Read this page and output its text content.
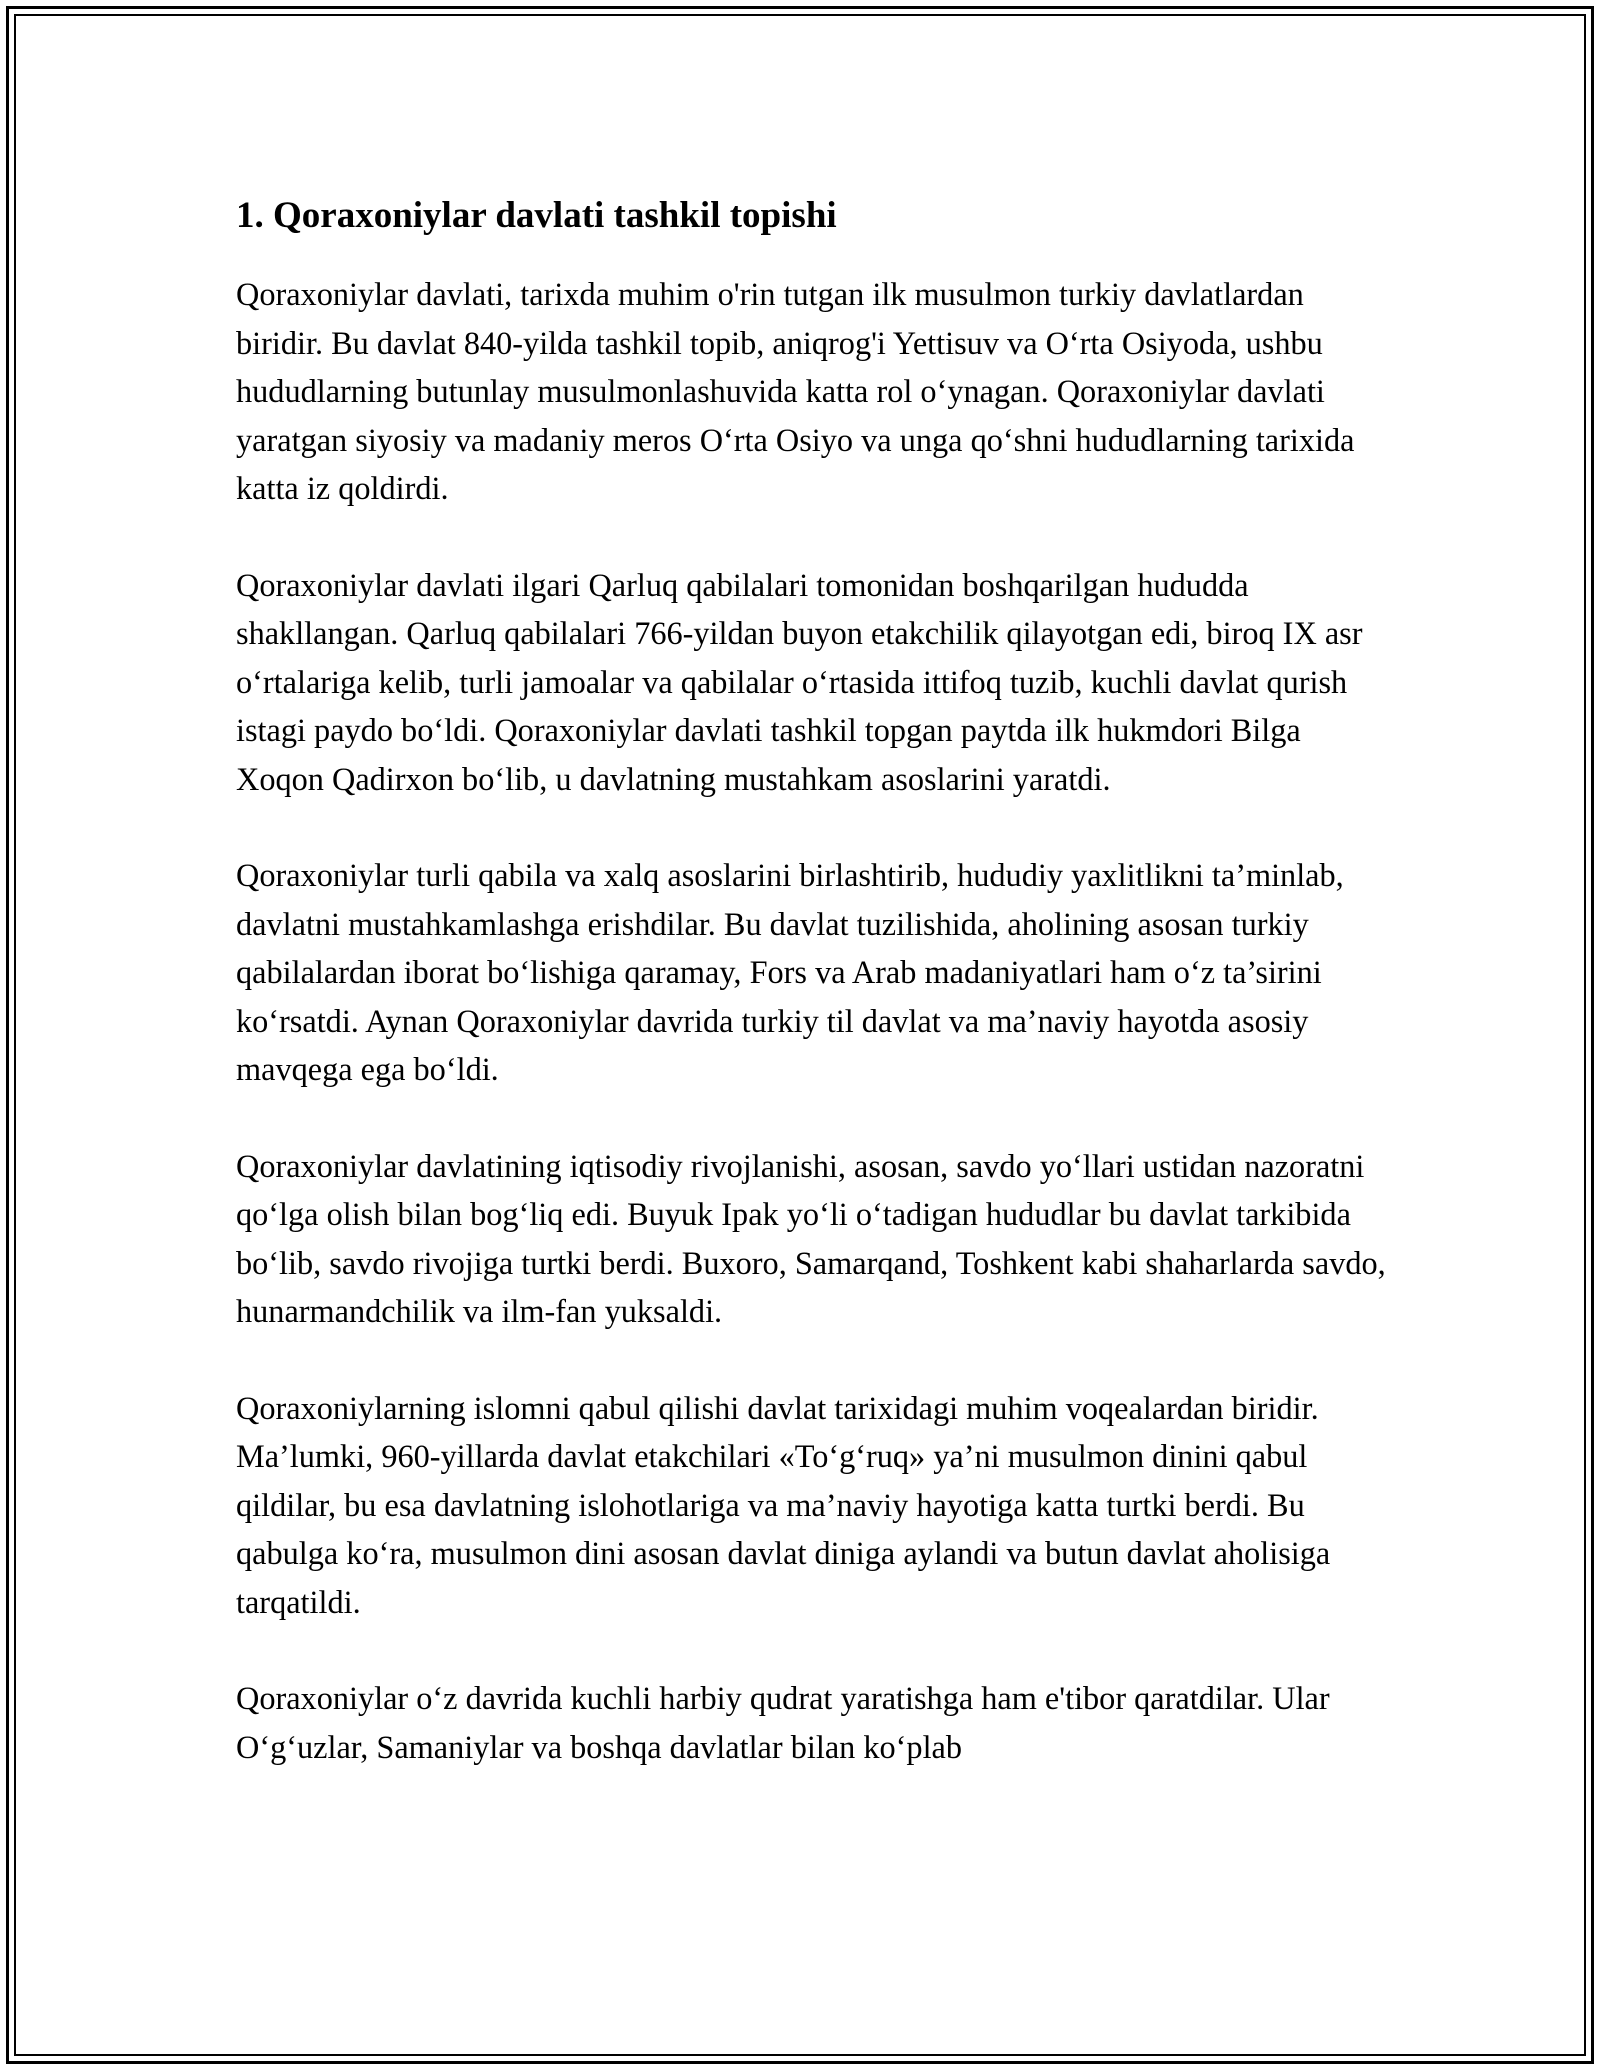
1. Qoraxoniylar davlati tashkil topishi

Qoraxoniylar davlati, tarixda muhim o'rin tutgan ilk musulmon turkiy davlatlardan biridir. Bu davlat 840-yilda tashkil topib, aniqrog'i Yettisuv va O‘rta Osiyoda, ushbu hududlarning butunlay musulmonlashuvida katta rol o‘ynagan. Qoraxoniylar davlati yaratgan siyosiy va madaniy meros O‘rta Osiyo va unga qo‘shni hududlarning tarixida katta iz qoldirdi.

Qoraxoniylar davlati ilgari Qarluq qabilalari tomonidan boshqarilgan hududda shakllangan. Qarluq qabilalari 766-yildan buyon etakchilik qilayotgan edi, biroq IX asr o‘rtalariga kelib, turli jamoalar va qabilalar o‘rtasida ittifoq tuzib, kuchli davlat qurish istagi paydo bo‘ldi. Qoraxoniylar davlati tashkil topgan paytda ilk hukmdori Bilga Xoqon Qadirxon bo‘lib, u davlatning mustahkam asoslarini yaratdi.

Qoraxoniylar turli qabila va xalq asoslarini birlashtirib, hududiy yaxlitlikni ta’minlab, davlatni mustahkamlashga erishdilar. Bu davlat tuzilishida, aholining asosan turkiy qabilalardan iborat bo‘lishiga qaramay, Fors va Arab madaniyatlari ham o‘z ta’sirini ko‘rsatdi. Aynan Qoraxoniylar davrida turkiy til davlat va ma’naviy hayotda asosiy mavqega ega bo‘ldi.

Qoraxoniylar davlatining iqtisodiy rivojlanishi, asosan, savdo yo‘llari ustidan nazoratni qo‘lga olish bilan bog‘liq edi. Buyuk Ipak yo‘li o‘tadigan hududlar bu davlat tarkibida bo‘lib, savdo rivojiga turtki berdi. Buxoro, Samarqand, Toshkent kabi shaharlarda savdo, hunarmandchilik va ilm-fan yuksaldi.

Qoraxoniylarning islomni qabul qilishi davlat tarixidagi muhim voqealardan biridir. Ma’lumki, 960-yillarda davlat etakchilari «To‘g‘ruq» ya’ni musulmon dinini qabul qildilar, bu esa davlatning islohotlariga va ma’naviy hayotiga katta turtki berdi. Bu qabulga ko‘ra, musulmon dini asosan davlat diniga aylandi va butun davlat aholisiga tarqatildi.

Qoraxoniylar o‘z davrida kuchli harbiy qudrat yaratishga ham e'tibor qaratdilar. Ular O‘g‘uzlar, Samaniylar va boshqa davlatlar bilan ko‘plab
